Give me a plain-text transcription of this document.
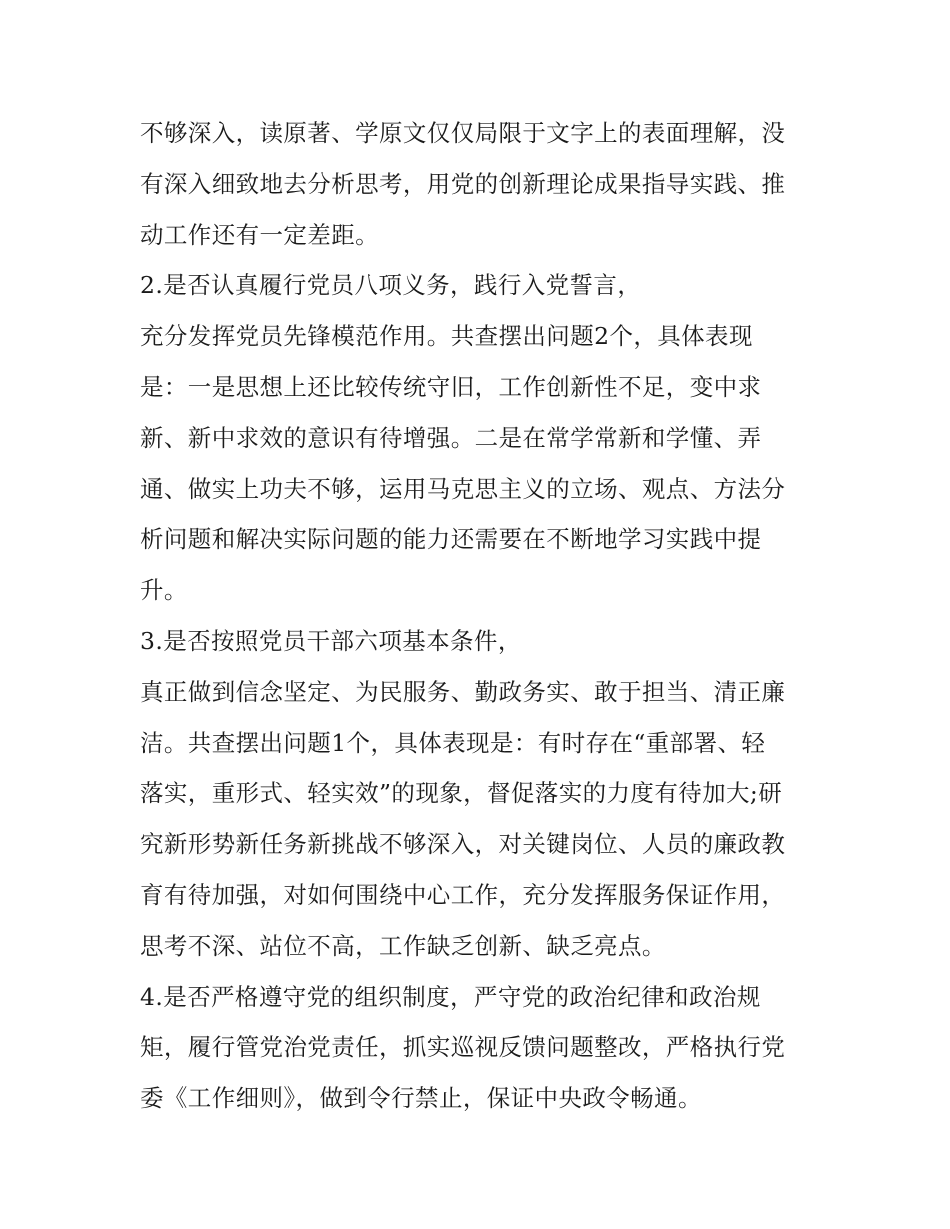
不够深入，读原著、学原文仅仅局限于文字上的表面理解，没

有深入细致地去分析思考，用党的创新理论成果指导实践、推

动工作还有一定差距。

2.是否认真履行党员八项义务，践行入党誓言，

充分发挥党员先锋模范作用。共查摆出问题2个，具体表现

是：一是思想上还比较传统守旧，工作创新性不足，变中求

新、新中求效的意识有待增强。二是在常学常新和学懂、弄

通、做实上功夫不够，运用马克思主义的立场、观点、方法分

析问题和解决实际问题的能力还需要在不断地学习实践中提

升。

3.是否按照党员干部六项基本条件，

真正做到信念坚定、为民服务、勤政务实、敢于担当、清正廉

洁。共查摆出问题1个，具体表现是：有时存在“重部署、轻

落实，重形式、轻实效”的现象，督促落实的力度有待加大;研

究新形势新任务新挑战不够深入，对关键岗位、人员的廉政教

育有待加强，对如何围绕中心工作，充分发挥服务保证作用，

思考不深、站位不高，工作缺乏创新、缺乏亮点。

4.是否严格遵守党的组织制度，严守党的政治纪律和政治规

矩，履行管党治党责任，抓实巡视反馈问题整改，严格执行党

委《工作细则》，做到令行禁止，保证中央政令畅通。
